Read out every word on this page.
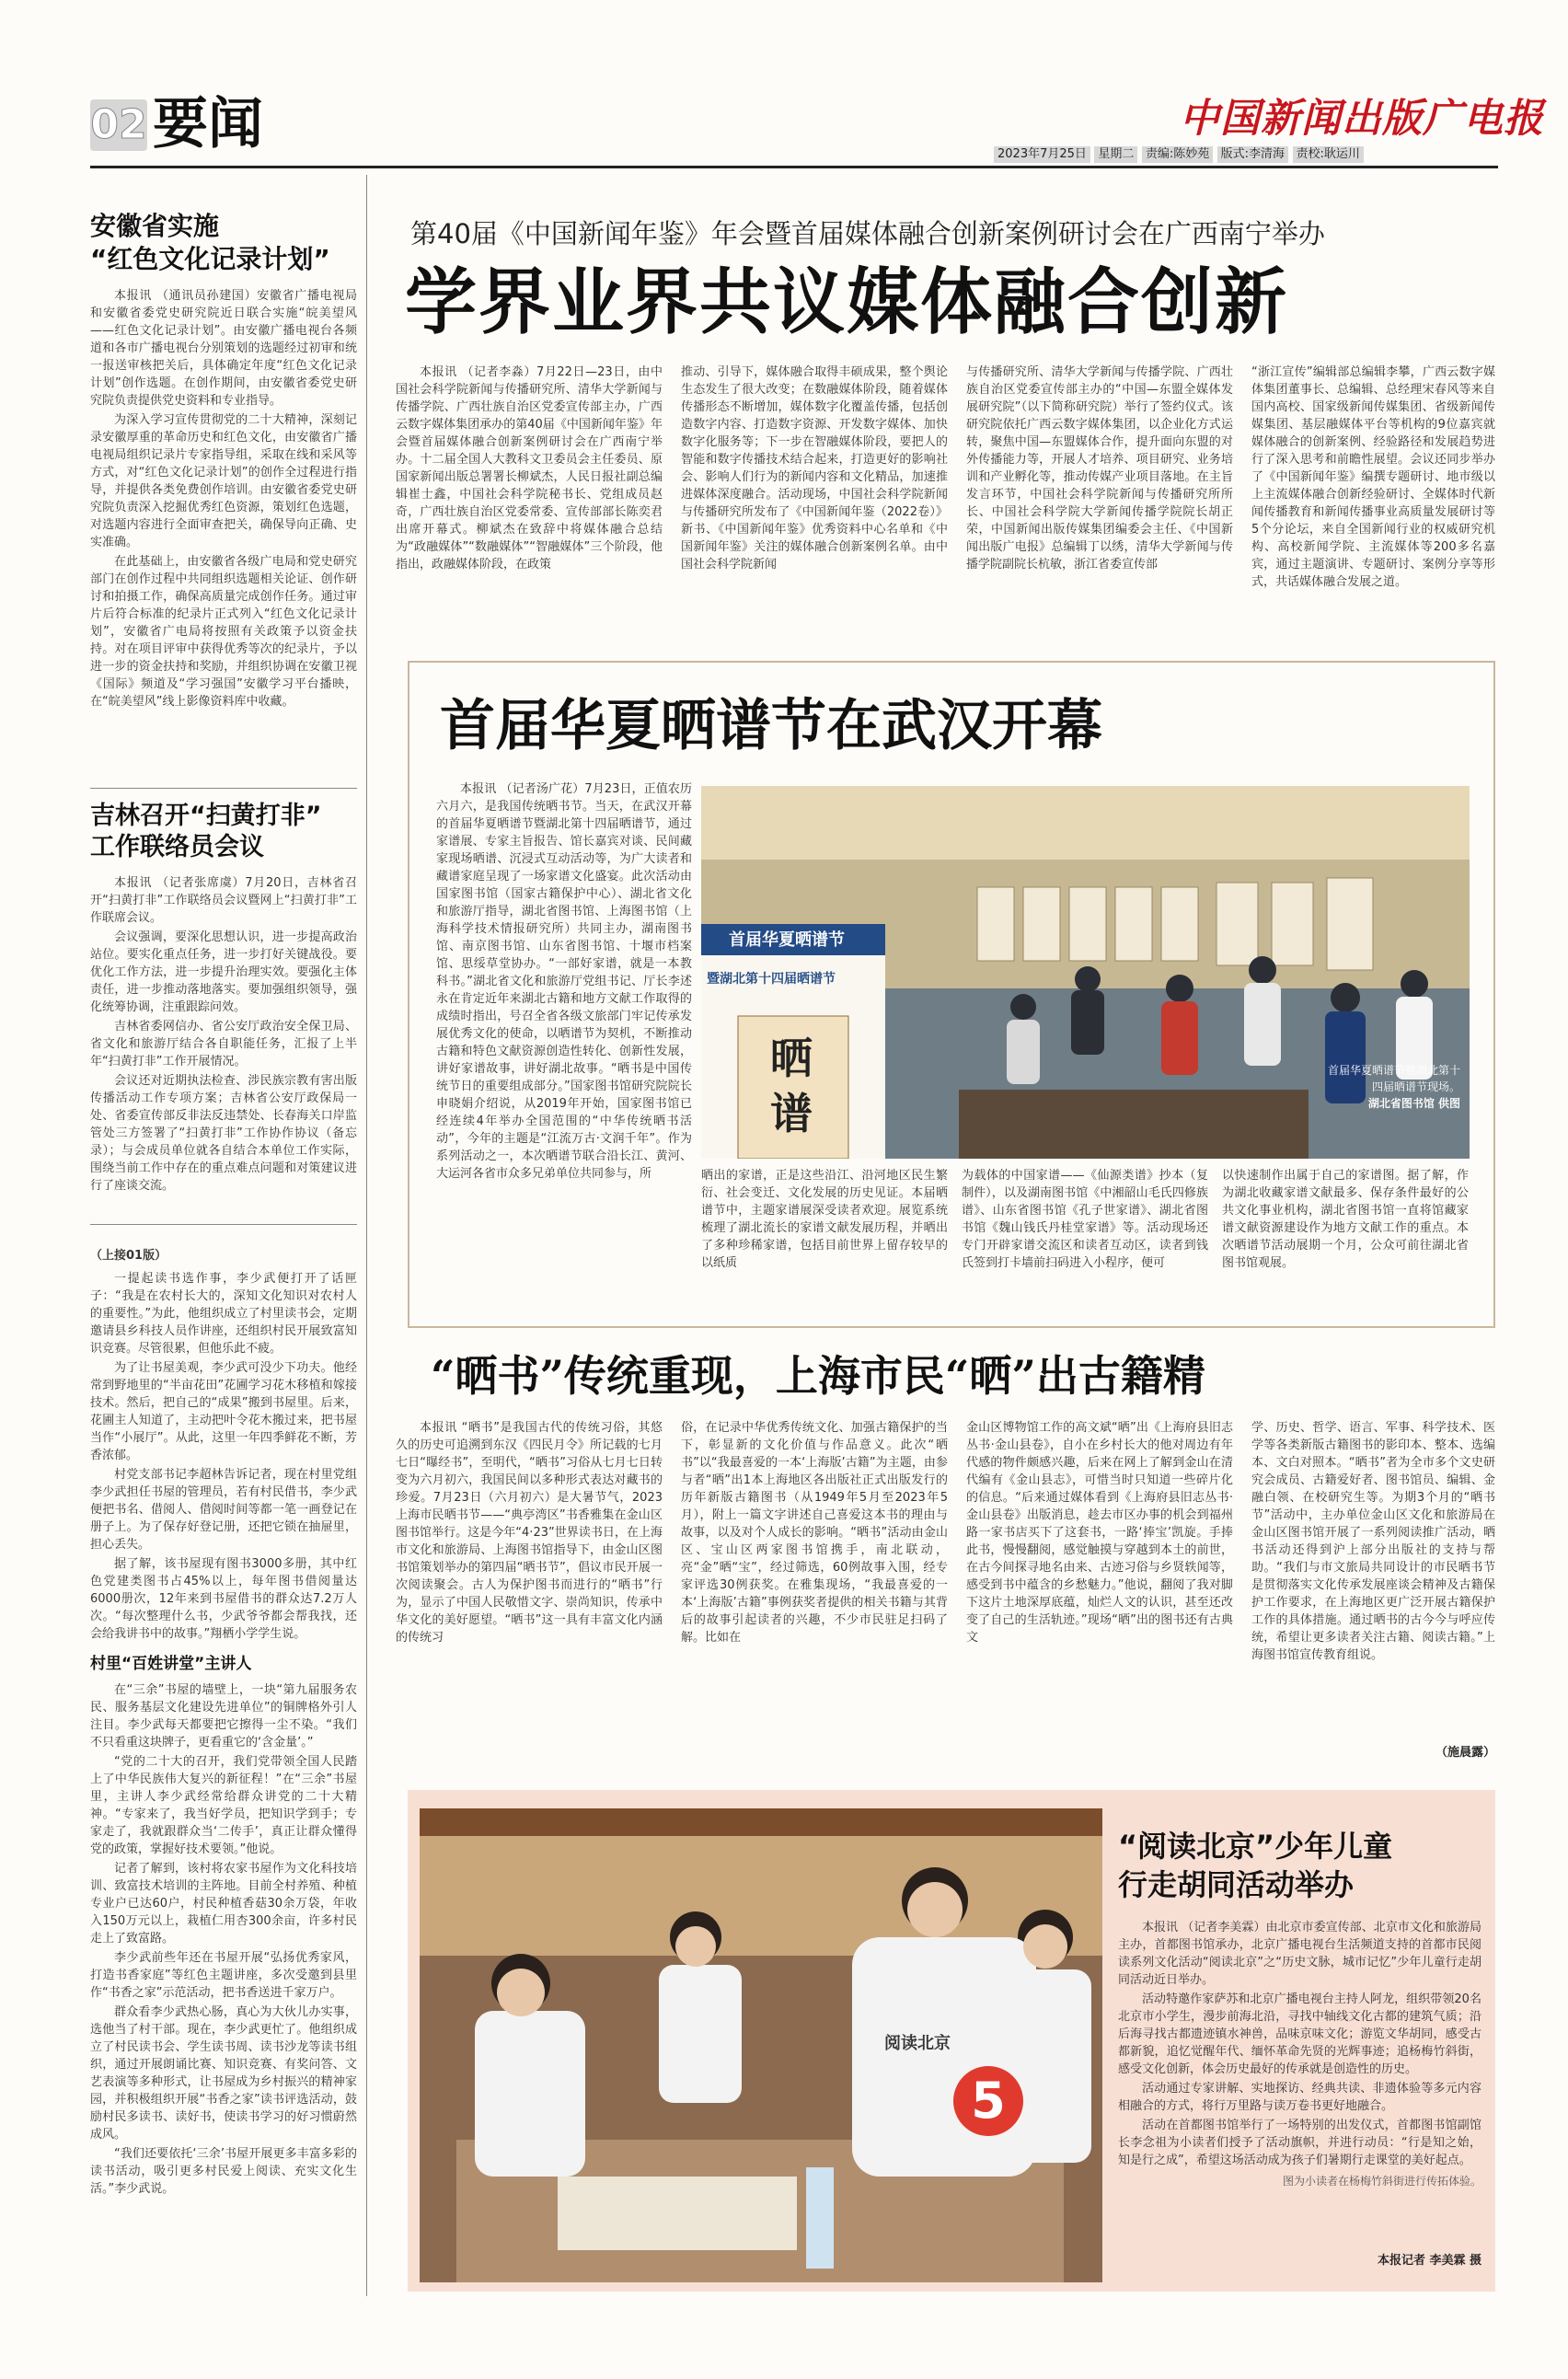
02 要闻	中国新闻出版广电报
2023年7月25日 星期二 责编:陈妙苑 版式:李清海 责校:耿运川
安徽省实施
“红色文化记录计划”

本报讯 （通讯员孙建国）安徽省广播电视局和安徽省委党史研究院近日联合实施“皖美望风——红色文化记录计划”。由安徽广播电视台各频道和各市广播电视台分别策划的选题经过初审和统一报送审核把关后，具体确定年度“红色文化记录计划”创作选题。在创作期间，由安徽省委党史研究院负责提供党史资料和专业指导。

为深入学习宣传贯彻党的二十大精神，深刻记录安徽厚重的革命历史和红色文化，由安徽省广播电视局组织记录片专家指导组，采取在线和采风等方式，对“红色文化记录计划”的创作全过程进行指导，并提供各类免费创作培训。由安徽省委党史研究院负责深入挖掘优秀红色资源，策划红色选题，对选题内容进行全面审查把关，确保导向正确、史实准确。

在此基础上，由安徽省各级广电局和党史研究部门在创作过程中共同组织选题相关论证、创作研讨和拍摄工作，确保高质量完成创作任务。通过审片后符合标准的纪录片正式列入“红色文化记录计划”，安徽省广电局将按照有关政策予以资金扶持。对在项目评审中获得优秀等次的纪录片，予以进一步的资金扶持和奖励，并组织协调在安徽卫视《国际》频道及“学习强国”安徽学习平台播映，在“皖美望风”线上影像资料库中收藏。

吉林召开“扫黄打非”
工作联络员会议

本报讯 （记者张席虞）7月20日，吉林省召开“扫黄打非”工作联络员会议暨网上“扫黄打非”工作联席会议。

会议强调，要深化思想认识，进一步提高政治站位。要实化重点任务，进一步打好关键战役。要优化工作方法，进一步提升治理实效。要强化主体责任，进一步推动落地落实。要加强组织领导，强化统筹协调，注重跟踪问效。

吉林省委网信办、省公安厅政治安全保卫局、省文化和旅游厅结合各自职能任务，汇报了上半年“扫黄打非”工作开展情况。

会议还对近期执法检查、涉民族宗教有害出版传播活动工作专项方案；吉林省公安厅政保局一处、省委宣传部反非法反违禁处、长春海关口岸监管处三方签署了“扫黄打非”工作协作协议（备忘录）；与会成员单位就各自结合本单位工作实际，围绕当前工作中存在的重点难点问题和对策建议进行了座谈交流。

（上接01版）

一提起读书选作事，李少武便打开了话匣子：“我是在农村长大的，深知文化知识对农村人的重要性。”为此，他组织成立了村里读书会，定期邀请县乡科技人员作讲座，还组织村民开展致富知识竞赛。尽管很累，但他乐此不疲。

为了让书屋美观，李少武可没少下功夫。他经常到野地里的“半亩花田”花圃学习花木移植和嫁接技术。然后，把自己的“成果”搬到书屋里。后来，花圃主人知道了，主动把叶令花木搬过来，把书屋当作“小展厅”。从此，这里一年四季鲜花不断，芳香浓郁。

村党支部书记李超林告诉记者，现在村里党组李少武担任书屋的管理员，若有村民借书，李少武便把书名、借阅人、借阅时间等都一笔一画登记在册子上。为了保存好登记册，还把它锁在抽屉里，担心丢失。

据了解，该书屋现有图书3000多册，其中红色党建类图书占45%以上，每年图书借阅量达6000册次，12年来到书屋借书的群众达7.2万人次。“每次整理什么书，少武爷爷都会帮我找，还会给我讲书中的故事。”翔栖小学学生说。

村里“百姓讲堂”主讲人

在“三余”书屋的墙壁上，一块“第九届服务农民、服务基层文化建设先进单位”的铜牌格外引人注目。李少武每天都要把它擦得一尘不染。“我们不只看重这块牌子，更看重它的‘含金量’。”

“党的二十大的召开，我们党带领全国人民踏上了中华民族伟大复兴的新征程！”在“三余”书屋里，主讲人李少武经常给群众讲党的二十大精神。“专家来了，我当好学员，把知识学到手；专家走了，我就跟群众当‘二传手’，真正让群众懂得党的政策，掌握好技术要领。”他说。

记者了解到，该村将农家书屋作为文化科技培训、致富技术培训的主阵地。目前全村养殖、种植专业户已达60户，村民种植香菇30余万袋，年收入150万元以上，栽植仁用杏300余亩，许多村民走上了致富路。

李少武前些年还在书屋开展“弘扬优秀家风，打造书香家庭”等红色主题讲座，多次受邀到县里作“书香之家”示范活动，把书香送进千家万户。

群众看李少武热心肠，真心为大伙儿办实事，选他当了村干部。现在，李少武更忙了。他组织成立了村民读书会、学生读书周、读书沙龙等读书组织，通过开展朗诵比赛、知识竞赛、有奖问答、文艺表演等多种形式，让书屋成为乡村振兴的精神家园，并积极组织开展“书香之家”读书评选活动，鼓励村民多读书、读好书，使读书学习的好习惯蔚然成风。

“我们还要依托‘三余’书屋开展更多丰富多彩的读书活动，吸引更多村民爱上阅读、充实文化生活。”李少武说。

第40届《中国新闻年鉴》年会暨首届媒体融合创新案例研讨会在广西南宁举办
学界业界共议媒体融合创新

本报讯 （记者李淼）7月22日—23日，由中国社会科学院新闻与传播研究所、清华大学新闻与传播学院、广西壮族自治区党委宣传部主办，广西云数字媒体集团承办的第40届《中国新闻年鉴》年会暨首届媒体融合创新案例研讨会在广西南宁举办。十二届全国人大教科文卫委员会主任委员、原国家新闻出版总署署长柳斌杰，人民日报社副总编辑崔士鑫，中国社会科学院秘书长、党组成员赵奇，广西壮族自治区党委常委、宣传部部长陈奕君出席开幕式。柳斌杰在致辞中将媒体融合总结为“政融媒体”“数融媒体”“智融媒体”三个阶段，他指出，政融媒体阶段，在政策

推动、引导下，媒体融合取得丰硕成果，整个舆论生态发生了很大改变；在数融媒体阶段，随着媒体传播形态不断增加，媒体数字化覆盖传播，包括创造数字内容、打造数字资源、开发数字媒体、加快数字化服务等；下一步在智融媒体阶段，要把人的智能和数字传播技术结合起来，打造更好的影响社会、影响人们行为的新闻内容和文化精品，加速推进媒体深度融合。活动现场，中国社会科学院新闻与传播研究所发布了《中国新闻年鉴（2022卷）》新书、《中国新闻年鉴》优秀资料中心名单和《中国新闻年鉴》关注的媒体融合创新案例名单。由中国社会科学院新闻

与传播研究所、清华大学新闻与传播学院、广西壮族自治区党委宣传部主办的“中国—东盟全媒体发展研究院”（以下简称研究院）举行了签约仪式。该研究院依托广西云数字媒体集团，以企业化方式运转，聚焦中国—东盟媒体合作，提升面向东盟的对外传播能力等，开展人才培养、项目研究、业务培训和产业孵化等，推动传媒产业项目落地。在主旨发言环节，中国社会科学院新闻与传播研究所所长、中国社会科学院大学新闻传播学院院长胡正荣，中国新闻出版传媒集团编委会主任、《中国新闻出版广电报》总编辑丁以绣，清华大学新闻与传播学院副院长杭敏，浙江省委宣传部

“浙江宣传”编辑部总编辑李攀，广西云数字媒体集团董事长、总编辑、总经理宋春风等来自国内高校、国家级新闻传媒集团、省级新闻传媒集团、基层融媒体平台等机构的9位嘉宾就媒体融合的创新案例、经验路径和发展趋势进行了深入思考和前瞻性展望。会议还同步举办了《中国新闻年鉴》编撰专题研讨、地市级以上主流媒体融合创新经验研讨、全媒体时代新闻传播教育和新闻传播事业高质量发展研讨等5个分论坛，来自全国新闻行业的权威研究机构、高校新闻学院、主流媒体等200多名嘉宾，通过主题演讲、专题研讨、案例分享等形式，共话媒体融合发展之道。

首届华夏晒谱节在武汉开幕

本报讯 （记者汤广花）7月23日，正值农历六月六，是我国传统晒书节。当天，在武汉开幕的首届华夏晒谱节暨湖北第十四届晒谱节，通过家谱展、专家主旨报告、馆长嘉宾对谈、民间藏家现场晒谱、沉浸式互动活动等，为广大读者和藏谱家庭呈现了一场家谱文化盛宴。此次活动由国家图书馆（国家古籍保护中心）、湖北省文化和旅游厅指导，湖北省图书馆、上海图书馆（上海科学技术情报研究所）共同主办，湖南图书馆、南京图书馆、山东省图书馆、十堰市档案馆、思绥草堂协办。“一部好家谱，就是一本教科书。”湖北省文化和旅游厅党组书记、厅长李述永在肯定近年来湖北古籍和地方文献工作取得的成绩时指出，号召全省各级文旅部门牢记传承发展优秀文化的使命，以晒谱节为契机，不断推动古籍和特色文献资源创造性转化、创新性发展，讲好家谱故事，讲好湖北故事。“晒书是中国传统节日的重要组成部分。”国家图书馆研究院院长申晓娟介绍说，从2019年开始，国家图书馆已经连续4年举办全国范围的“中华传统晒书活动”，今年的主题是“江流万古·文润千年”。作为系列活动之一，本次晒谱节联合沿长江、黄河、大运河各省市众多兄弟单位共同参与，所

首届华夏晒谱节
暨湖北第十四届晒谱节
晒
谱
首届华夏晒谱节暨湖北第十四届晒谱节现场。
湖北省图书馆 供图

晒出的家谱，正是这些沿江、沿河地区民生繁衍、社会变迁、文化发展的历史见证。本届晒谱节中，主题家谱展深受读者欢迎。展览系统梳理了湖北流长的家谱文献发展历程，并晒出了多种珍稀家谱，包括目前世界上留存较早的以纸质

为载体的中国家谱——《仙源类谱》抄本（复制件），以及湖南图书馆《中湘韶山毛氏四修族谱》、山东省图书馆《孔子世家谱》、湖北省图书馆《魏山钱氏丹桂堂家谱》等。活动现场还专门开辟家谱交流区和读者互动区，读者到钱氏签到打卡墙前扫码进入小程序，便可

以快速制作出属于自己的家谱图。据了解，作为湖北收藏家谱文献最多、保存条件最好的公共文化事业机构，湖北省图书馆一直将馆藏家谱文献资源建设作为地方文献工作的重点。本次晒谱节活动展期一个月，公众可前往湖北省图书馆观展。

“晒书”传统重现，上海市民“晒”出古籍精

本报讯 “晒书”是我国古代的传统习俗，其悠久的历史可追溯到东汉《四民月令》所记载的七月七日“曝经书”，至明代，“晒书”习俗从七月七日转变为六月初六，我国民间以多种形式表达对藏书的珍爱。7月23日（六月初六）是大暑节气，2023上海市民晒书节——“典亭湾区”书香雅集在金山区图书馆举行。这是今年“4·23”世界读书日，在上海市文化和旅游局、上海图书馆指导下，由金山区图书馆策划举办的第四届“晒书节”，倡议市民开展一次阅读聚会。古人为保护图书而进行的“晒书”行为，显示了中国人民敬惜文字、崇尚知识，传承中华文化的美好愿望。“晒书”这一具有丰富文化内涵的传统习

俗，在记录中华优秀传统文化、加强古籍保护的当下，彰显新的文化价值与作品意义。此次“晒书”以“我最喜爱的一本‘上海版’古籍”为主题，由参与者“晒”出1本上海地区各出版社正式出版发行的历年新版古籍图书（从1949年5月至2023年5月），附上一篇文字讲述自己喜爱这本书的理由与故事，以及对个人成长的影响。“晒书”活动由金山区、宝山区两家图书馆携手，南北联动，亮“金”晒“宝”，经过筛选，60例故事入围，经专家评选30例获奖。在雅集现场，“我最喜爱的一本‘上海版’古籍”事例获奖者提供的相关书籍与其背后的故事引起读者的兴趣，不少市民驻足扫码了解。比如在

金山区博物馆工作的高文斌“晒”出《上海府县旧志丛书·金山县卷》，自小在乡村长大的他对周边有年代感的物件颇感兴趣，后来在网上了解到金山在清代编有《金山县志》，可惜当时只知道一些碎片化的信息。“后来通过媒体看到《上海府县旧志丛书·金山县卷》出版消息，趁去市区办事的机会到福州路一家书店买下了这套书，一路‘捧宝’凯旋。手捧此书，慢慢翻阅，感觉触摸与穿越到本土的前世，在古今间探寻地名由来、古迹习俗与乡贤轶闻等，感受到书中蕴含的乡愁魅力。”他说，翻阅了我对脚下这片土地深厚底蕴，灿烂人文的认识，甚至还改变了自己的生活轨迹。”现场“晒”出的图书还有古典文

学、历史、哲学、语言、军事、科学技术、医学等各类新版古籍图书的影印本、整本、选编本、文白对照本。“晒书”者为全市多个文史研究会成员、古籍爱好者、图书馆员、编辑、金融白领、在校研究生等。为期3个月的“晒书节”活动中，主办单位金山区文化和旅游局在金山区图书馆开展了一系列阅读推广活动，晒书活动还得到沪上部分出版社的支持与帮助。“我们与市文旅局共同设计的市民晒书节是贯彻落实文化传承发展座谈会精神及古籍保护工作要求，在上海地区更广泛开展古籍保护工作的具体措施。通过晒书的古今今与呼应传统，希望让更多读者关注古籍、阅读古籍。”上海图书馆宣传教育组说。

（施晨露）
阅读北京
5
“阅读北京”少年儿童
行走胡同活动举办

本报讯 （记者李美霖）由北京市委宣传部、北京市文化和旅游局主办，首都图书馆承办，北京广播电视台生活频道支持的首都市民阅读系列文化活动“阅读北京”之“历史文脉，城市记忆”少年儿童行走胡同活动近日举办。

活动特邀作家萨苏和北京广播电视台主持人阿龙，组织带领20名北京市小学生，漫步前海北沿，寻找中轴线文化古都的建筑气质；沿后海寻找古都遗迹镇水神兽，品味京味文化；游览文华胡同，感受古都新貌，追忆觉醒年代、缅怀革命先贤的光辉事迹；追杨梅竹斜街，感受文化创新，体会历史最好的传承就是创造性的历史。

活动通过专家讲解、实地探访、经典共读、非遗体验等多元内容相融合的方式，将行万里路与读万卷书更好地融合。

活动在首都图书馆举行了一场特别的出发仪式，首都图书馆副馆长李念祖为小读者们授予了活动旗帜，并进行动员：“行是知之始，知是行之成”，希望这场活动成为孩子们暑期行走课堂的美好起点。

图为小读者在杨梅竹斜街进行传拓体验。

本报记者 李美霖 摄
